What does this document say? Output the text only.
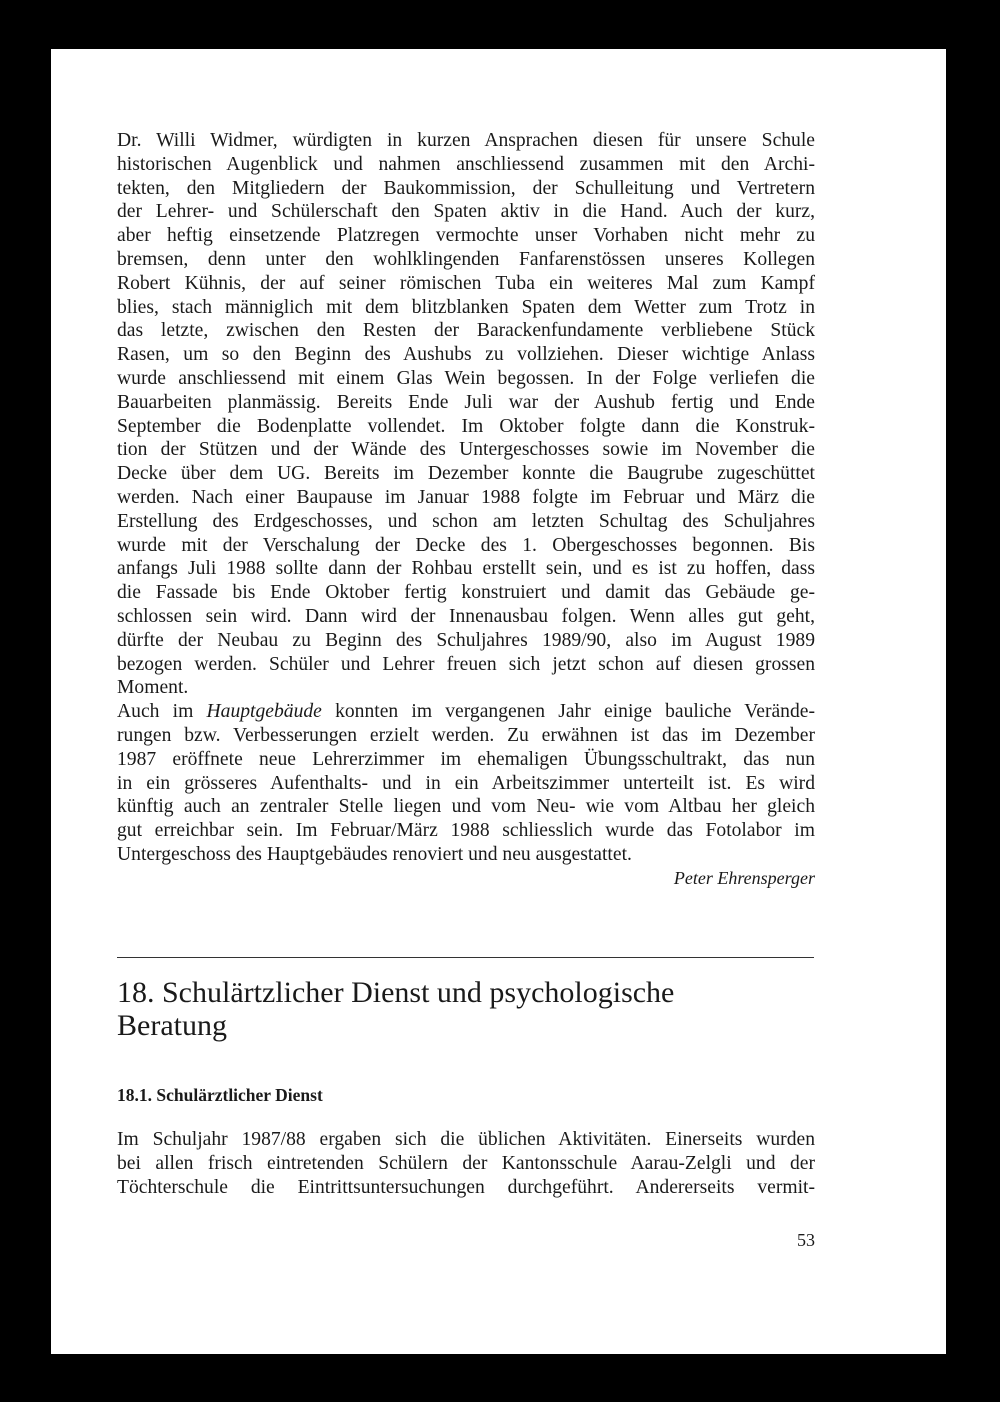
Dr. Willi Widmer, würdigten in kurzen Ansprachen diesen für unsere Schule
historischen Augenblick und nahmen anschliessend zusammen mit den Archi-
tekten, den Mitgliedern der Baukommission, der Schulleitung und Vertretern
der Lehrer- und Schülerschaft den Spaten aktiv in die Hand. Auch der kurz,
aber heftig einsetzende Platzregen vermochte unser Vorhaben nicht mehr zu
bremsen, denn unter den wohlklingenden Fanfarenstössen unseres Kollegen
Robert Kühnis, der auf seiner römischen Tuba ein weiteres Mal zum Kampf
blies, stach männiglich mit dem blitzblanken Spaten dem Wetter zum Trotz in
das letzte, zwischen den Resten der Barackenfundamente verbliebene Stück
Rasen, um so den Beginn des Aushubs zu vollziehen. Dieser wichtige Anlass
wurde anschliessend mit einem Glas Wein begossen. In der Folge verliefen die
Bauarbeiten planmässig. Bereits Ende Juli war der Aushub fertig und Ende
September die Bodenplatte vollendet. Im Oktober folgte dann die Konstruk-
tion der Stützen und der Wände des Untergeschosses sowie im November die
Decke über dem UG. Bereits im Dezember konnte die Baugrube zugeschüttet
werden. Nach einer Baupause im Januar 1988 folgte im Februar und März die
Erstellung des Erdgeschosses, und schon am letzten Schultag des Schuljahres
wurde mit der Verschalung der Decke des 1. Obergeschosses begonnen. Bis
anfangs Juli 1988 sollte dann der Rohbau erstellt sein, und es ist zu hoffen, dass
die Fassade bis Ende Oktober fertig konstruiert und damit das Gebäude ge-
schlossen sein wird. Dann wird der Innenausbau folgen. Wenn alles gut geht,
dürfte der Neubau zu Beginn des Schuljahres 1989/90, also im August 1989
bezogen werden. Schüler und Lehrer freuen sich jetzt schon auf diesen grossen
Moment.
Auch im Hauptgebäude konnten im vergangenen Jahr einige bauliche Verände-
rungen bzw. Verbesserungen erzielt werden. Zu erwähnen ist das im Dezember
1987 eröffnete neue Lehrerzimmer im ehemaligen Übungsschultrakt, das nun
in ein grösseres Aufenthalts- und in ein Arbeitszimmer unterteilt ist. Es wird
künftig auch an zentraler Stelle liegen und vom Neu- wie vom Altbau her gleich
gut erreichbar sein. Im Februar/März 1988 schliesslich wurde das Fotolabor im
Untergeschoss des Hauptgebäudes renoviert und neu ausgestattet.
Peter Ehrensperger
18. Schulärtzlicher Dienst und psychologische
Beratung
18.1. Schulärztlicher Dienst
Im Schuljahr 1987/88 ergaben sich die üblichen Aktivitäten. Einerseits wurden
bei allen frisch eintretenden Schülern der Kantonsschule Aarau-Zelgli und der
Töchterschule die Eintrittsuntersuchungen durchgeführt. Andererseits vermit-
53
